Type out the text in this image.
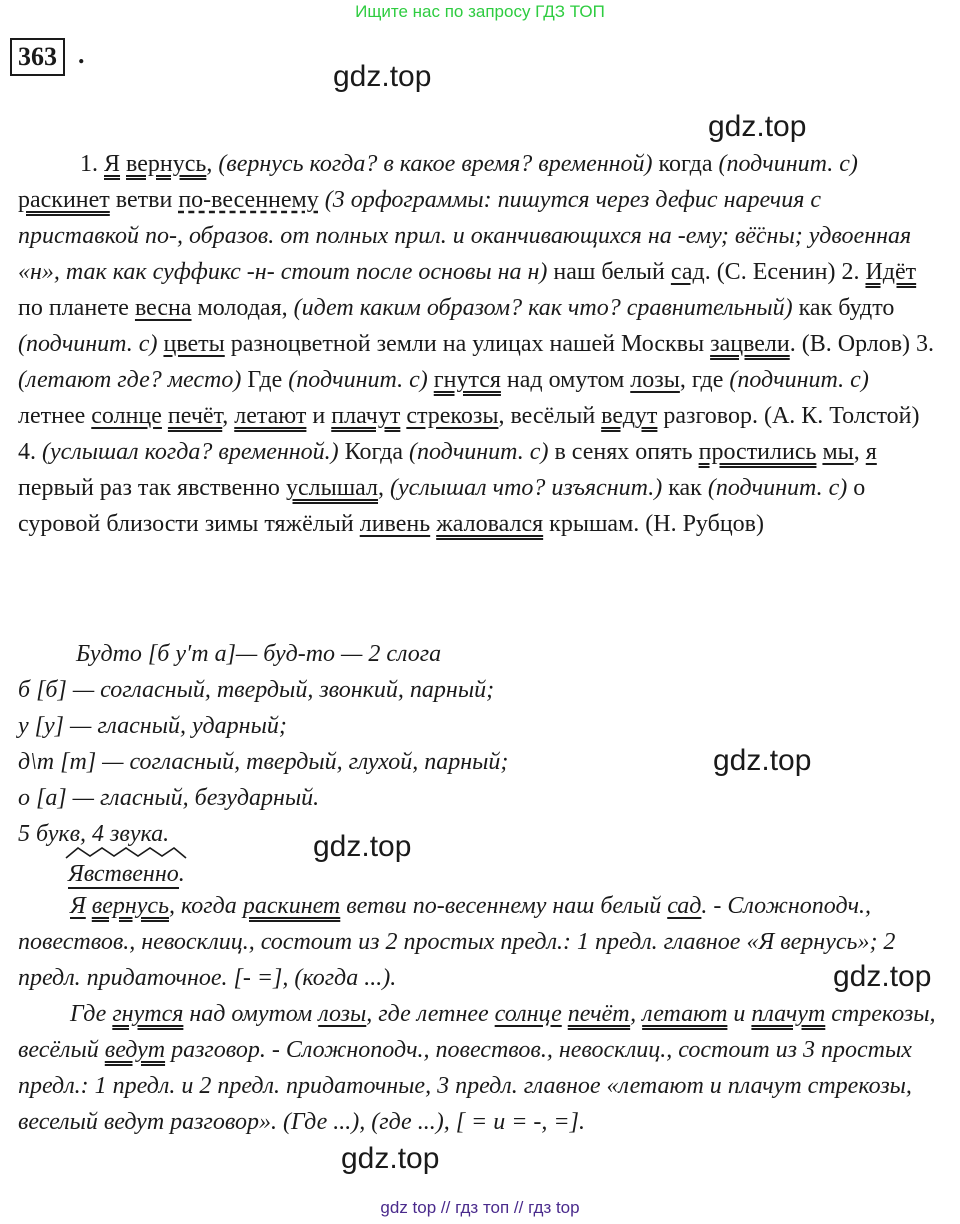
Ищите нас по запросу ГДЗ ТОП
363 .
gdz.top
gdz.top
gdz.top
gdz.top
gdz.top
gdz.top

1. Я вернусь, (вернусь когда? в какое время? временной) когда (подчинит. с) раскинет ветви по-весеннему (3 орфограммы: пишутся через дефис наречия с приставкой по-, образов. от полных прил. и оканчивающихся на -ему; вё̈сны; удвоенная «н», так как суффикс -н- стоит после основы на н) наш белый сад. (С. Есенин) 2. Идёт по планете весна молодая, (идет каким образом? как что? сравнительный) как будто (подчинит. с) цветы разноцветной земли на улицах нашей Москвы зацвели. (В. Орлов) 3. (летают где? место) Где (подчинит. с) гнутся над омутом лозы, где (подчинит. с) летнее солнце печёт, летают и плачут стрекозы, весёлый ведут разговор. (А. К. Толстой) 4. (услышал когда? временной.) Когда (подчинит. с) в сенях опять простились мы, я первый раз так явственно услышал, (услышал что? изъяснит.) как (подчинит. с) о суровой близости зимы тяжёлый ливень жаловался крышам. (Н. Рубцов)

Будто [б у′т а]— буд-то — 2 слога
б [б] — согласный, твердый, звонкий, парный;
у [у] — гласный, ударный;
д\т [т] — согласный, твердый, глухой, парный;
о [а] — гласный, безударный.
5 букв, 4 звука.
Явственно.

Я вернусь, когда раскинет ветви по-весеннему наш белый сад. - Сложноподч., повествов., невосклиц., состоит из 2 простых предл.: 1 предл. главное «Я вернусь»; 2 предл. придаточное. [- =], (когда ...).

Где гнутся над омутом лозы, где летнее солнце печёт, летают и плачут стрекозы, весёлый ведут разговор. - Сложноподч., повествов., невосклиц., состоит из 3 простых предл.: 1 предл. и 2 предл. придаточные, 3 предл. главное «летают и плачут стрекозы, веселый ведут разговор». (Где ...), (где ...), [ = и = -, =].

gdz top // гдз топ // гдз top
